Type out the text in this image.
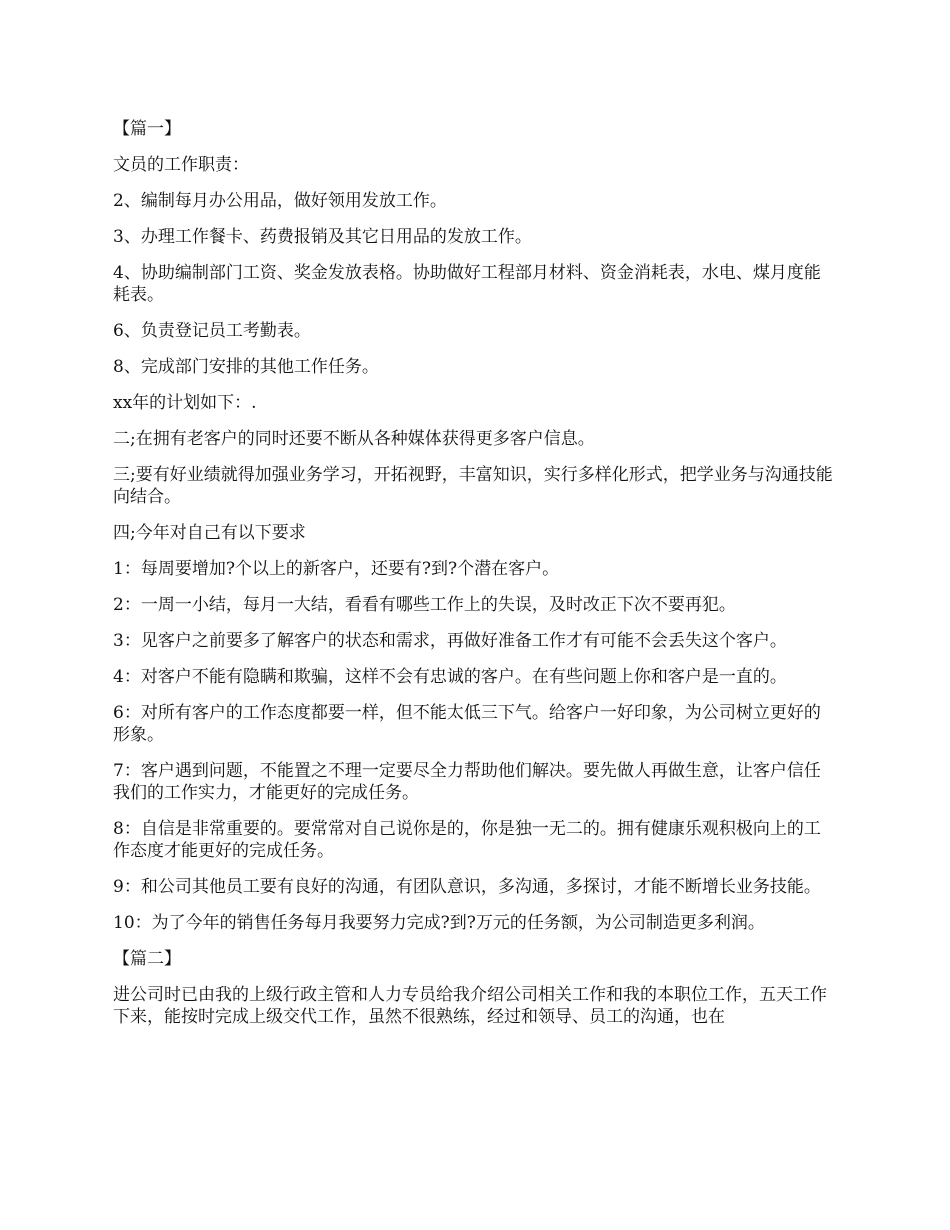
【篇一】

文员的工作职责：

2、编制每月办公用品，做好领用发放工作。

3、办理工作餐卡、药费报销及其它日用品的发放工作。

4、协助编制部门工资、奖金发放表格。协助做好工程部月材料、资金消耗表，水电、煤月度能耗表。

6、负责登记员工考勤表。

8、完成部门安排的其他工作任务。

xx年的计划如下：.

二;在拥有老客户的同时还要不断从各种媒体获得更多客户信息。

三;要有好业绩就得加强业务学习，开拓视野，丰富知识，实行多样化形式，把学业务与沟通技能向结合。

四;今年对自己有以下要求

1：每周要增加?个以上的新客户，还要有?到?个潜在客户。

2：一周一小结，每月一大结，看看有哪些工作上的失误，及时改正下次不要再犯。

3：见客户之前要多了解客户的状态和需求，再做好准备工作才有可能不会丢失这个客户。

4：对客户不能有隐瞒和欺骗，这样不会有忠诚的客户。在有些问题上你和客户是一直的。

6：对所有客户的工作态度都要一样，但不能太低三下气。给客户一好印象，为公司树立更好的形象。

7：客户遇到问题，不能置之不理一定要尽全力帮助他们解决。要先做人再做生意，让客户信任我们的工作实力，才能更好的完成任务。

8：自信是非常重要的。要常常对自己说你是的，你是独一无二的。拥有健康乐观积极向上的工作态度才能更好的完成任务。

9：和公司其他员工要有良好的沟通，有团队意识，多沟通，多探讨，才能不断增长业务技能。

10：为了今年的销售任务每月我要努力完成?到?万元的任务额，为公司制造更多利润。

【篇二】

进公司时已由我的上级行政主管和人力专员给我介绍公司相关工作和我的本职位工作，五天工作下来，能按时完成上级交代工作，虽然不很熟练，经过和领导、员工的沟通，也在
